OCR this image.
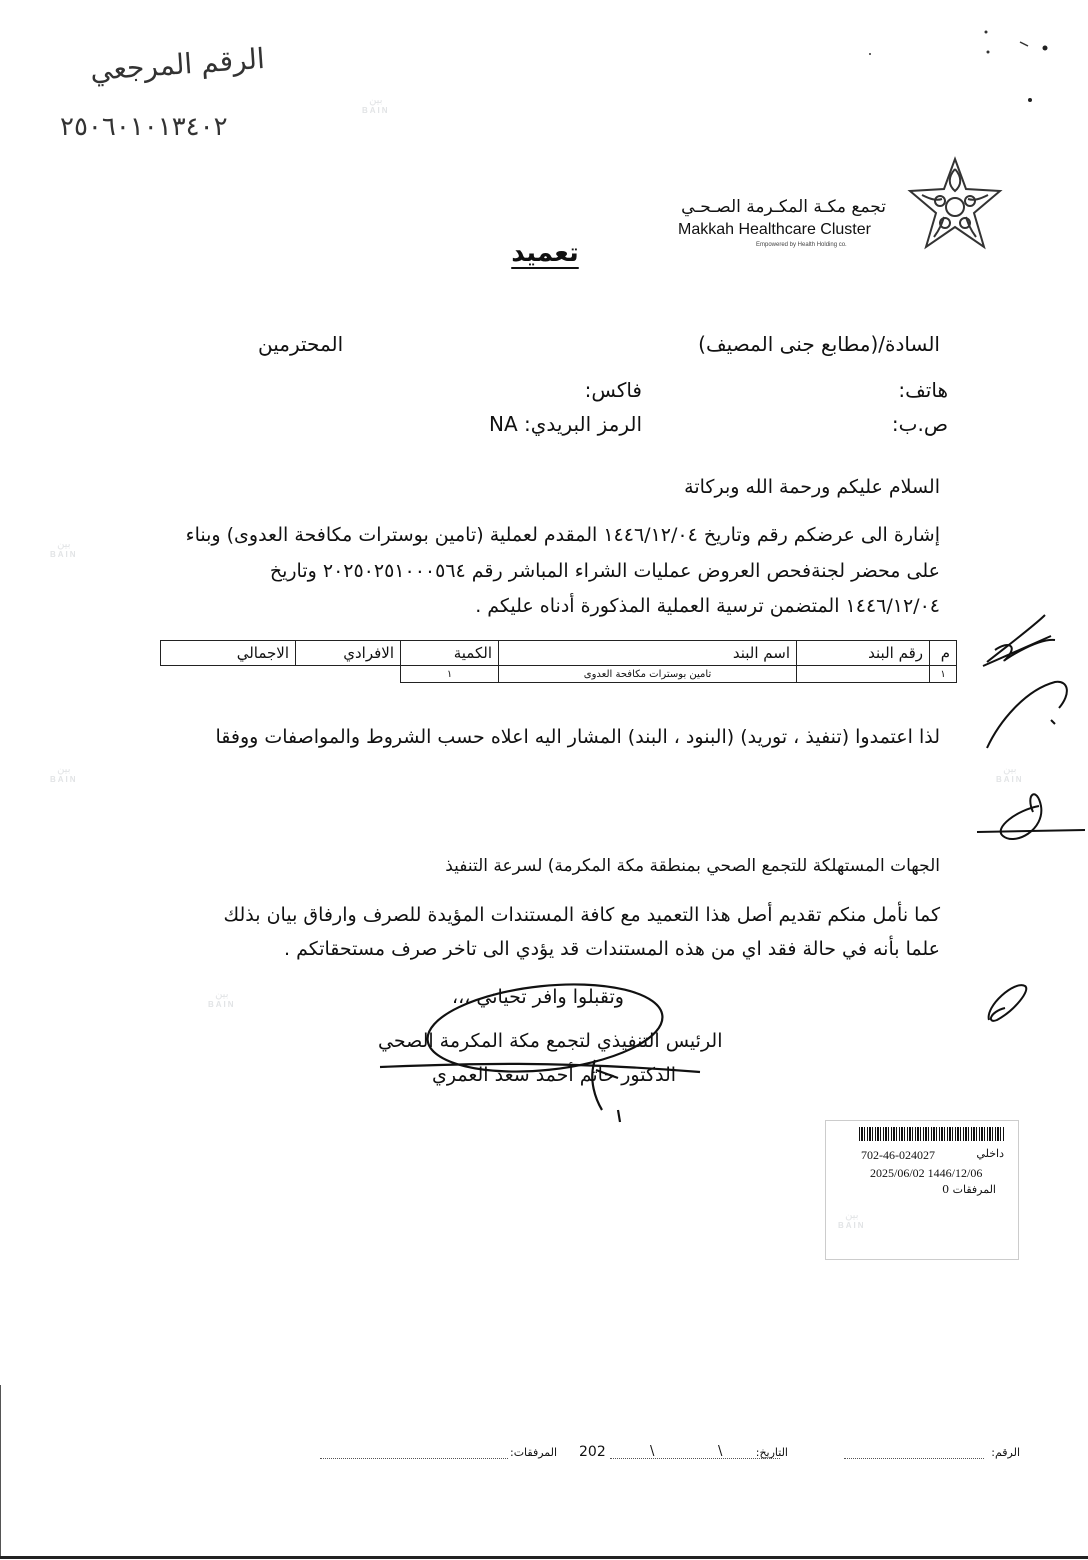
الرقم المرجعي
٢٥٠٦٠١٠١٣٤٠٢
بين
BAIN
بين
BAIN
بين
BAIN
بين
BAIN
بين
BAIN
تجمع مكـة المكـرمة الصـحـي
Makkah Healthcare Cluster
Empowered by Health Holding co.
تعميد
السادة/(مطابع جنى المصيف)
المحترمين
هاتف:
فاكس:
ص.ب:
الرمز البريدي: NA
السلام عليكم ورحمة الله وبركاتة
إشارة الى عرضكم رقم وتاريخ ١٤٤٦/١٢/٠٤ المقدم لعملية (تامين بوسترات مكافحة العدوى) وبناء
على محضر لجنةفحص العروض عمليات الشراء المباشر رقم ٢٠٢٥٠٢٥١٠٠٠٥٦٤ وتاريخ
١٤٤٦/١٢/٠٤ المتضمن ترسية العملية المذكورة أدناه عليكم .
م	رقم البند	اسم البند	الكمية	الافرادي	الاجمالي
١		تامين بوسترات مكافحة العدوى	١		
لذا اعتمدوا (تنفيذ ، توريد) (البنود ، البند) المشار اليه اعلاه حسب الشروط والمواصفات ووفقا
الجهات المستهلكة للتجمع الصحي بمنطقة مكة المكرمة) لسرعة التنفيذ
كما نأمل منكم تقديم أصل هذا التعميد مع كافة المستندات المؤيدة للصرف وارفاق بيان بذلك
علما بأنه في حالة فقد اي من هذه المستندات قد يؤدي الى تاخر صرف مستحقاتكم .
وتقبلوا وافر تحياتي ،،،
الرئيس التنفيذي لتجمع مكة المكرمة الصحي
الدكتور حاتم أحمد سعد العمري
داخلي
702-46-024027
2025/06/02 1446/12/06
المرفقات 0
بين
BAIN
الرقم:
التاريخ:
\
\
202
المرفقات:
